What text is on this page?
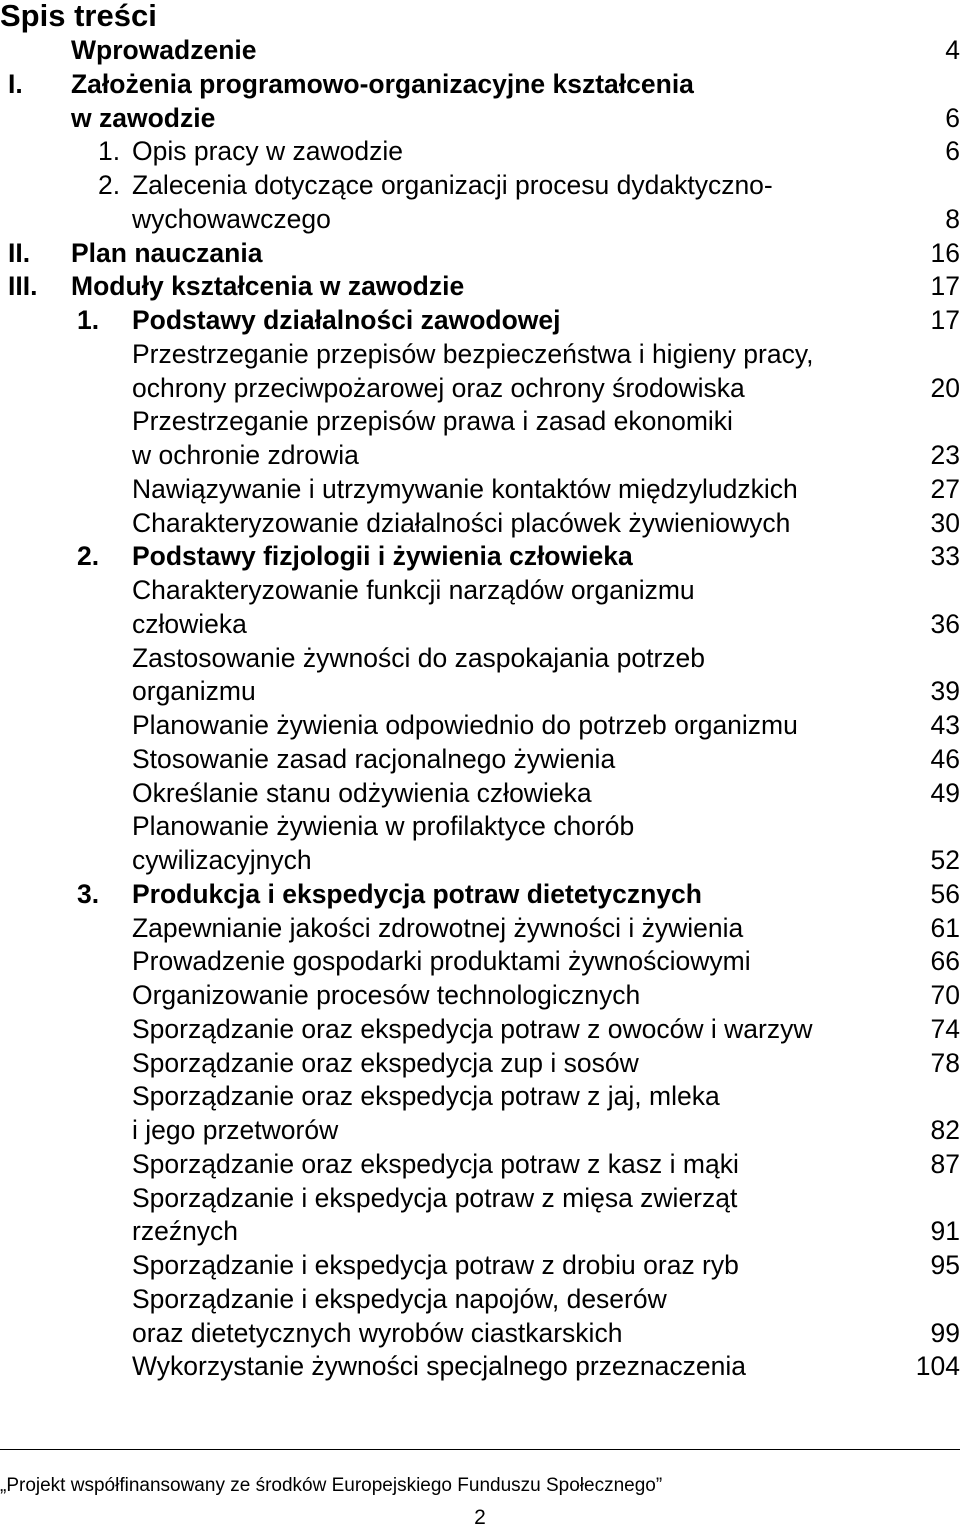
Spis treści
Wprowadzenie	4
I. Założenia programowo-organizacyjne kształcenia
w zawodzie	6
1. Opis pracy w zawodzie	6
2. Zalecenia dotyczące organizacji procesu dydaktyczno-
wychowawczego	8
II. Plan nauczania	16
III. Moduły kształcenia w zawodzie	17
1. Podstawy działalności zawodowej	17
Przestrzeganie przepisów bezpieczeństwa i higieny pracy,
ochrony przeciwpożarowej oraz ochrony środowiska	20
Przestrzeganie przepisów prawa i zasad ekonomiki
w ochronie zdrowia	23
Nawiązywanie i utrzymywanie kontaktów międzyludzkich	27
Charakteryzowanie działalności placówek żywieniowych	30
2. Podstawy fizjologii i żywienia człowieka	33
Charakteryzowanie funkcji narządów organizmu
człowieka	36
Zastosowanie żywności do zaspokajania potrzeb
organizmu	39
Planowanie żywienia odpowiednio do potrzeb organizmu	43
Stosowanie zasad racjonalnego żywienia	46
Określanie stanu odżywienia człowieka	49
Planowanie żywienia w profilaktyce chorób
cywilizacyjnych	52
3. Produkcja i ekspedycja potraw dietetycznych	56
Zapewnianie jakości zdrowotnej żywności i żywienia	61
Prowadzenie gospodarki produktami żywnościowymi	66
Organizowanie procesów technologicznych	70
Sporządzanie oraz ekspedycja potraw z owoców i warzyw	74
Sporządzanie oraz ekspedycja zup i sosów	78
Sporządzanie oraz ekspedycja potraw z jaj, mleka
i jego przetworów	82
Sporządzanie oraz ekspedycja potraw z kasz i mąki	87
Sporządzanie i ekspedycja potraw z mięsa zwierząt
rzeźnych	91
Sporządzanie i ekspedycja potraw z drobiu oraz ryb	95
Sporządzanie i ekspedycja napojów, deserów
oraz dietetycznych wyrobów ciastkarskich	99
Wykorzystanie żywności specjalnego przeznaczenia	104
„Projekt współfinansowany ze środków Europejskiego Funduszu Społecznego”
2
